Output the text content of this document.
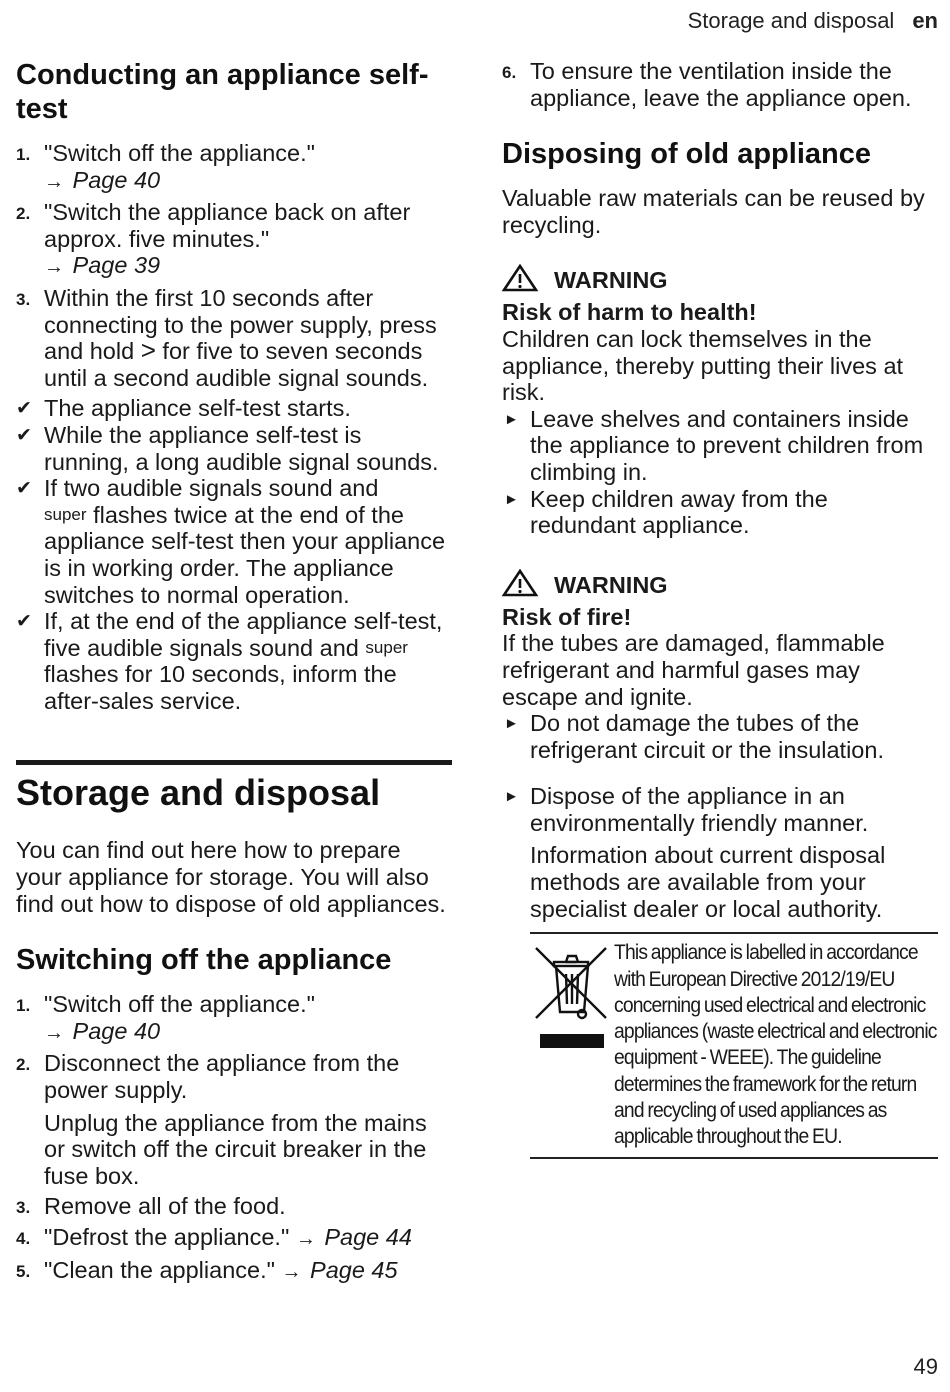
Storage and disposal en
Conducting an appliance self-test
1. "Switch off the appliance."
→ Page 40
2. "Switch the appliance back on after approx. five minutes."
→ Page 39
3. Within the first 10 seconds after connecting to the power supply, press and hold > for five to seven seconds until a second audible signal sounds.
✔ The appliance self-test starts.
✔ While the appliance self-test is running, a long audible signal sounds.
✔ If two audible signals sound and
super flashes twice at the end of the appliance self-test then your appliance is in working order. The appliance switches to normal operation.
✔ If, at the end of the appliance self-test, five audible signals sound and super flashes for 10 seconds, inform the after-sales service.
Storage and disposal

You can find out here how to prepare your appliance for storage. You will also find out how to dispose of old appliances.

Switching off the appliance
1. "Switch off the appliance."
→ Page 40
2. Disconnect the appliance from the power supply.
Unplug the appliance from the mains or switch off the circuit breaker in the fuse box.
3. Remove all of the food.
4. "Defrost the appliance." → Page 44
5. "Clean the appliance." → Page 45
6. To ensure the ventilation inside the appliance, leave the appliance open.
Disposing of old appliance

Valuable raw materials can be reused by recycling.

WARNING
Risk of harm to health!

Children can lock themselves in the appliance, thereby putting their lives at risk.

► Leave shelves and containers inside the appliance to prevent children from climbing in.
► Keep children away from the redundant appliance.
WARNING
Risk of fire!

If the tubes are damaged, flammable refrigerant and harmful gases may escape and ignite.

► Do not damage the tubes of the refrigerant circuit or the insulation.
► Dispose of the appliance in an environmentally friendly manner.
Information about current disposal methods are available from your specialist dealer or local authority.
This appliance is labelled in accordance with European Directive 2012/19/EU concerning used electrical and electronic appliances (waste electrical and electronic equipment - WEEE). The guideline determines the framework for the return and recycling of used appliances as applicable throughout the EU.
49
